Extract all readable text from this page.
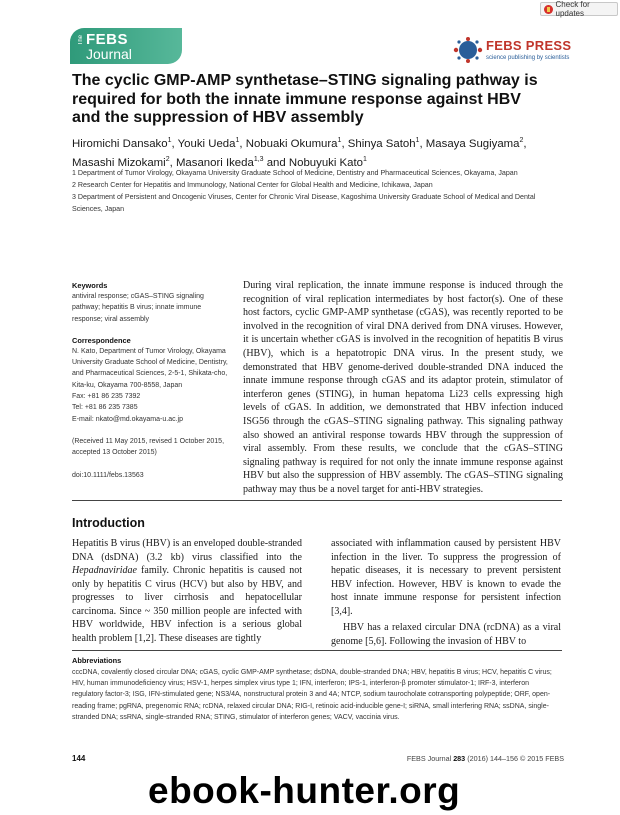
Check for updates
The FEBS
Journal
FEBS PRESS
science publishing by scientists
The cyclic GMP-AMP synthetase–STING signaling pathway is required for both the innate immune response against HBV and the suppression of HBV assembly
Hiromichi Dansako$^1$, Youki Ueda$^1$, Nobuaki Okumura$^1$, Shinya Satoh$^1$, Masaya Sugiyama$^2$,
Masashi Mizokami$^2$, Masanori Ikeda$^{1,3}$ and Nobuyuki Kato$^1$
1 Department of Tumor Virology, Okayama University Graduate School of Medicine, Dentistry and Pharmaceutical Sciences, Okayama, Japan
2 Research Center for Hepatitis and Immunology, National Center for Global Health and Medicine, Ichikawa, Japan
3 Department of Persistent and Oncogenic Viruses, Center for Chronic Viral Disease, Kagoshima University Graduate School of Medical and Dental Sciences, Japan
Keywords

antiviral response; cGAS–STING signaling pathway; hepatitis B virus; innate immune response; viral assembly

Correspondence

N. Kato, Department of Tumor Virology, Okayama University Graduate School of Medicine, Dentistry, and Pharmaceutical Sciences, 2-5-1, Shikata-cho, Kita-ku, Okayama 700-8558, Japan

Fax: +81 86 235 7392

Tel: +81 86 235 7385

E-mail: nkato@md.okayama-u.ac.jp

(Received 11 May 2015, revised 1 October 2015, accepted 13 October 2015)

doi:10.1111/febs.13563

During viral replication, the innate immune response is induced through the recognition of viral replication intermediates by host factor(s). One of these host factors, cyclic GMP-AMP synthetase (cGAS), was recently reported to be involved in the recognition of viral DNA derived from DNA viruses. However, it is uncertain whether cGAS is involved in the recognition of hepatitis B virus (HBV), which is a hepatotropic DNA virus. In the present study, we demonstrated that HBV genome-derived double-stranded DNA induced the innate immune response through cGAS and its adaptor protein, stimulator of interferon genes (STING), in human hepatoma Li23 cells expressing high levels of cGAS. In addition, we demonstrated that HBV infection induced ISG56 through the cGAS–STING signaling pathway. This signaling pathway also showed an antiviral response towards HBV through the suppression of viral assembly. From these results, we conclude that the cGAS–STING signaling pathway is required for not only the innate immune response against HBV but also the suppression of HBV assembly. The cGAS–STING signaling pathway may thus be a novel target for anti-HBV strategies.
Introduction

Hepatitis B virus (HBV) is an enveloped double-stranded DNA (dsDNA) (3.2 kb) virus classified into the Hepadnaviridae family. Chronic hepatitis is caused not only by hepatitis C virus (HCV) but also by HBV, and progresses to liver cirrhosis and hepatocellular carcinoma. Since ~ 350 million people are infected with HBV worldwide, HBV infection is a serious global health problem [1,2]. These diseases are tightly

associated with inflammation caused by persistent HBV infection in the liver. To suppress the progression of hepatic diseases, it is necessary to prevent persistent HBV infection. However, HBV is known to evade the host innate immune response for persistent infection [3,4].

HBV has a relaxed circular DNA (rcDNA) as a viral genome [5,6]. Following the invasion of HBV to

Abbreviations

cccDNA, covalently closed circular DNA; cGAS, cyclic GMP-AMP synthetase; dsDNA, double-stranded DNA; HBV, hepatitis B virus; HCV, hepatitis C virus; HIV, human immunodeficiency virus; HSV-1, herpes simplex virus type 1; IFN, interferon; IPS-1, interferon-β promoter stimulator-1; IRF-3, interferon regulatory factor-3; ISG, IFN-stimulated gene; NS3/4A, nonstructural protein 3 and 4A; NTCP, sodium taurocholate cotransporting polypeptide; ORF, open-reading frame; pgRNA, pregenomic RNA; rcDNA, relaxed circular DNA; RIG-I, retinoic acid-inducible gene-I; siRNA, small interfering RNA; ssDNA, single-stranded DNA; ssRNA, single-stranded RNA; STING, stimulator of interferon genes; VACV, vaccinia virus.

144	FEBS Journal 283 (2016) 144–156 © 2015 FEBS
ebook-hunter.org
